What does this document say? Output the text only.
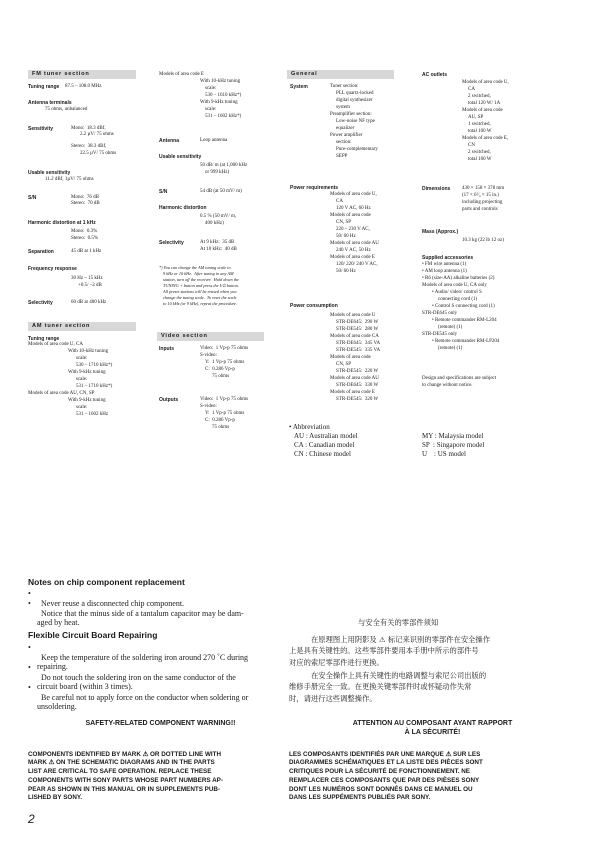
FM tuner section
Tuning range 87.5 – 108.0 MHz
Antenna terminals
75 ohms, unbalanced
Sensitivity	Mono:  18.3 dBf,
2.2 µV/ 75 ohms
Stereo:  38.3 dBf,
22.5 µV/ 75 ohms
Usable sensitivity
11.2 dBf, 1µV/ 75 ohms
S/N	Mono:  76 dB
Stereo:  70 dB
Harmonic distortion at 1 kHz
Mono:  0.3%
Stereo:  0.5%
Separation	45 dB at 1 kHz
Frequency response
30 Hz – 15 kHz
+0.5/ –2 dB
Selectivity	60 dB at 400 kHz
AM tuner section
Tuning range
Models of area code U, CA
With 10-kHz tuning
scale:
530 – 1710 kHz*)
With 9-kHz tuning
scale:
531 – 1710 kHz*)
Models of area code AU, CN, SP
With 9-kHz tuning
scale:
531 – 1602 kHz
Models of area code E
With 10-kHz tuning
scale:
530 – 1610 kHz*)
With 9-kHz tuning
scale:
531 – 1602 kHz*)
Antenna	Loop antenna
Usable sensitivity
50 dB/ m (at 1,000 kHz
or 999 kHz)
S/N	54 dB (at 50 mV/ m)
Harmonic distortion
0.5 % (50 mV/ m,
400 kHz)
Selectivity	At 9 kHz:  35 dB
At 10 kHz:  40 dB
*) You can change the AM tuning scale to
9 kHz or 10 kHz.  After tuning in any AM
station, turn off the receiver.  Hold down the
TUNING + button and press the I/⏻ button.
All preset stations will be erased when you
change the tuning scale.  To reset the scale
to 10 kHz (or 9 kHz), repeat the procedure.
Video section
Inputs	Video:  1 Vp-p 75 ohms
S-video:
Y:  1 Vp-p 75 ohms
C:  0.286 Vp-p
75 ohms
Outputs	Video:  1 Vp-p 75 ohms
S-video:
Y:  1 Vp-p 75 ohms
C:  0.286 Vp-p
75 ohms
General
System	Tuner section:
PLL quartz-locked
digital synthesizer
system
Preamplifier section:
Low-noise NF type
equalizer
Power amplifier
section:
Pure-complementary
SEPP
Power requirements
Models of area code U,
CA
120 V AC, 60 Hz
Models of area code
CN, SP
220 – 230 V AC,
50/ 60 Hz
Models of area code AU
240 V AC, 50 Hz
Models of area code E
120/ 220/ 240 V AC,
50/ 60 Hz
Power consumption
Models of area code U
STR-DE645:  290 W
STR-DE545:  280 W
Models of area code CA
STR-DE645:  345 VA
STR-DE545:  335 VA
Models of area code
CN, SP
STR-DE545:  220 W
Models of area code AU
STR-DE645:  330 W
Models of area code E
STR-DE545:  320 W
AC outlets
Models of area code U,
CA
2 switched,
total 120 W/ 1A
Models of area code
AU, SP
1 switched,
total 100 W
Models of area code E,
CN
2 switched,
total 100 W
Dimensions 430 × 158 × 378 mm
(17 × 6¹⁄₄ × 15 in.)
including projecting
parts and controls
Mass (Approx.)
10.3 kg (22 lb 12 oz)
Supplied accessories
• FM wire antenna (1)
• AM loop antenna (1)
• R6 (size-AA) alkaline batteries (2)
Models of area code U, CA only
• Audio/ video/ control S
connecting cord (1)
• Control S connecting cord (1)
STR-DE645 only
• Remote commander RM-L204
(remote) (1)
STR-DE545 only
• Remote commander RM-LP204
(remote) (1)
Design and specifications are subject
to change without notice.
• Abbreviation
AU : Australian model
CA : Canadian model
CN : Chinese model
MY : Malaysia model
SP  : Singapore model
U    : US model
Notes on chip component replacement

•
Never reuse a disconnected chip component.

•
Notice that the minus side of a tantalum capacitor may be dam-
aged by heat.

Flexible Circuit Board Repairing

•
Keep the temperature of the soldering iron around 270 ˚C during
repairing.

•
Do not touch the soldering iron on the same conductor of the
circuit board (within 3 times).

•
Be careful not to apply force on the conductor when soldering or
unsoldering.

SAFETY-RELATED COMPONENT WARNING!!

COMPONENTS IDENTIFIED BY MARK ⚠ OR DOTTED LINE WITH
MARK ⚠ ON THE SCHEMATIC DIAGRAMS AND IN THE PARTS
LIST ARE CRITICAL TO SAFE OPERATION. REPLACE THESE
COMPONENTS WITH SONY PARTS WHOSE PART NUMBERS AP-
PEAR AS SHOWN IN THIS MANUAL OR IN SUPPLEMENTS PUB-
LISHED BY SONY.
ATTENTION AU COMPOSANT AYANT RAPPORT
À LA SÉCURITÉ!

LES COMPOSANTS IDENTIFIÉS PAR UNE MARQUE ⚠ SUR LES
DIAGRAMMES SCHÉMATIQUES ET LA LISTE DES PIÈCES SONT
CRITIQUES POUR LA SÉCURITÉ DE FONCTIONNEMENT. NE
REMPLACER CES COMPOSANTS QUE PAR DES PIÈSES SONY
DONT LES NUMÉROS SONT DONNÉS DANS CE MANUEL OU
DANS LES SUPPÉMENTS PUBLIÉS PAR SONY.
与安全有关的零部件须知
在原理图上用阴影及 ⚠ 标记来识别的零部件在安全操作
上是具有关键性的。这些零部件要用本手册中所示的部件号
对应的索尼零部件进行更换。
在安全操作上具有关键性的电路调整与索尼公司出版的
维修手册完全一致。在更换关键零部件时或怀疑动作失常
时，请进行这些调整操作。
2
